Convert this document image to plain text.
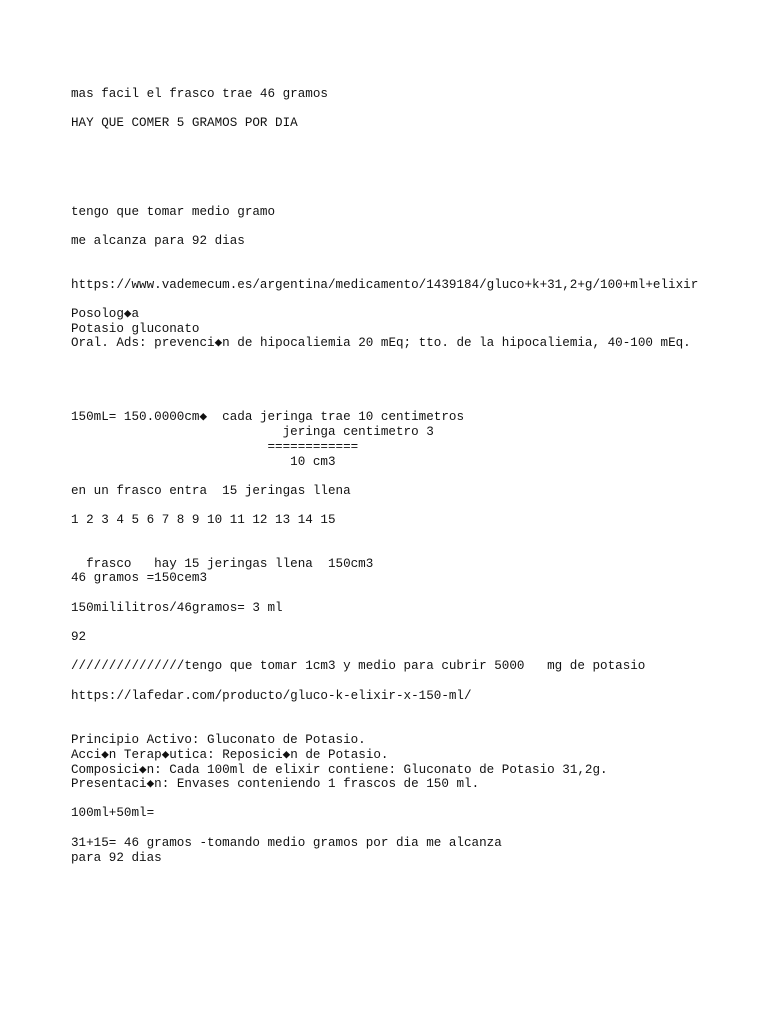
mas facil el frasco trae 46 gramos

HAY QUE COMER 5 GRAMOS POR DIA

tengo que tomar medio gramo

me alcanza para 92 dias

https://www.vademecum.es/argentina/medicamento/1439184/gluco+k+31,2+g/100+ml+elixir

Posolog◆a

Potasio gluconato

Oral. Ads: prevenci◆n de hipocaliemia 20 mEq; tto. de la hipocaliemia, 40-100 mEq.

150mL= 150.0000cm◆  cada jeringa trae 10 centimetros

jeringa centimetro 3

============

10 cm3

en un frasco entra  15 jeringas llena

1 2 3 4 5 6 7 8 9 10 11 12 13 14 15

frasco   hay 15 jeringas llena  150cm3

46 gramos =150cem3

150mililitros/46gramos= 3 ml

92

///////////////tengo que tomar 1cm3 y medio para cubrir 5000   mg de potasio

https://lafedar.com/producto/gluco-k-elixir-x-150-ml/

Principio Activo: Gluconato de Potasio.

Acci◆n Terap◆utica: Reposici◆n de Potasio.

Composici◆n: Cada 100ml de elixir contiene: Gluconato de Potasio 31,2g.

Presentaci◆n: Envases conteniendo 1 frascos de 150 ml.

100ml+50ml=

31+15= 46 gramos -tomando medio gramos por dia me alcanza

para 92 dias
